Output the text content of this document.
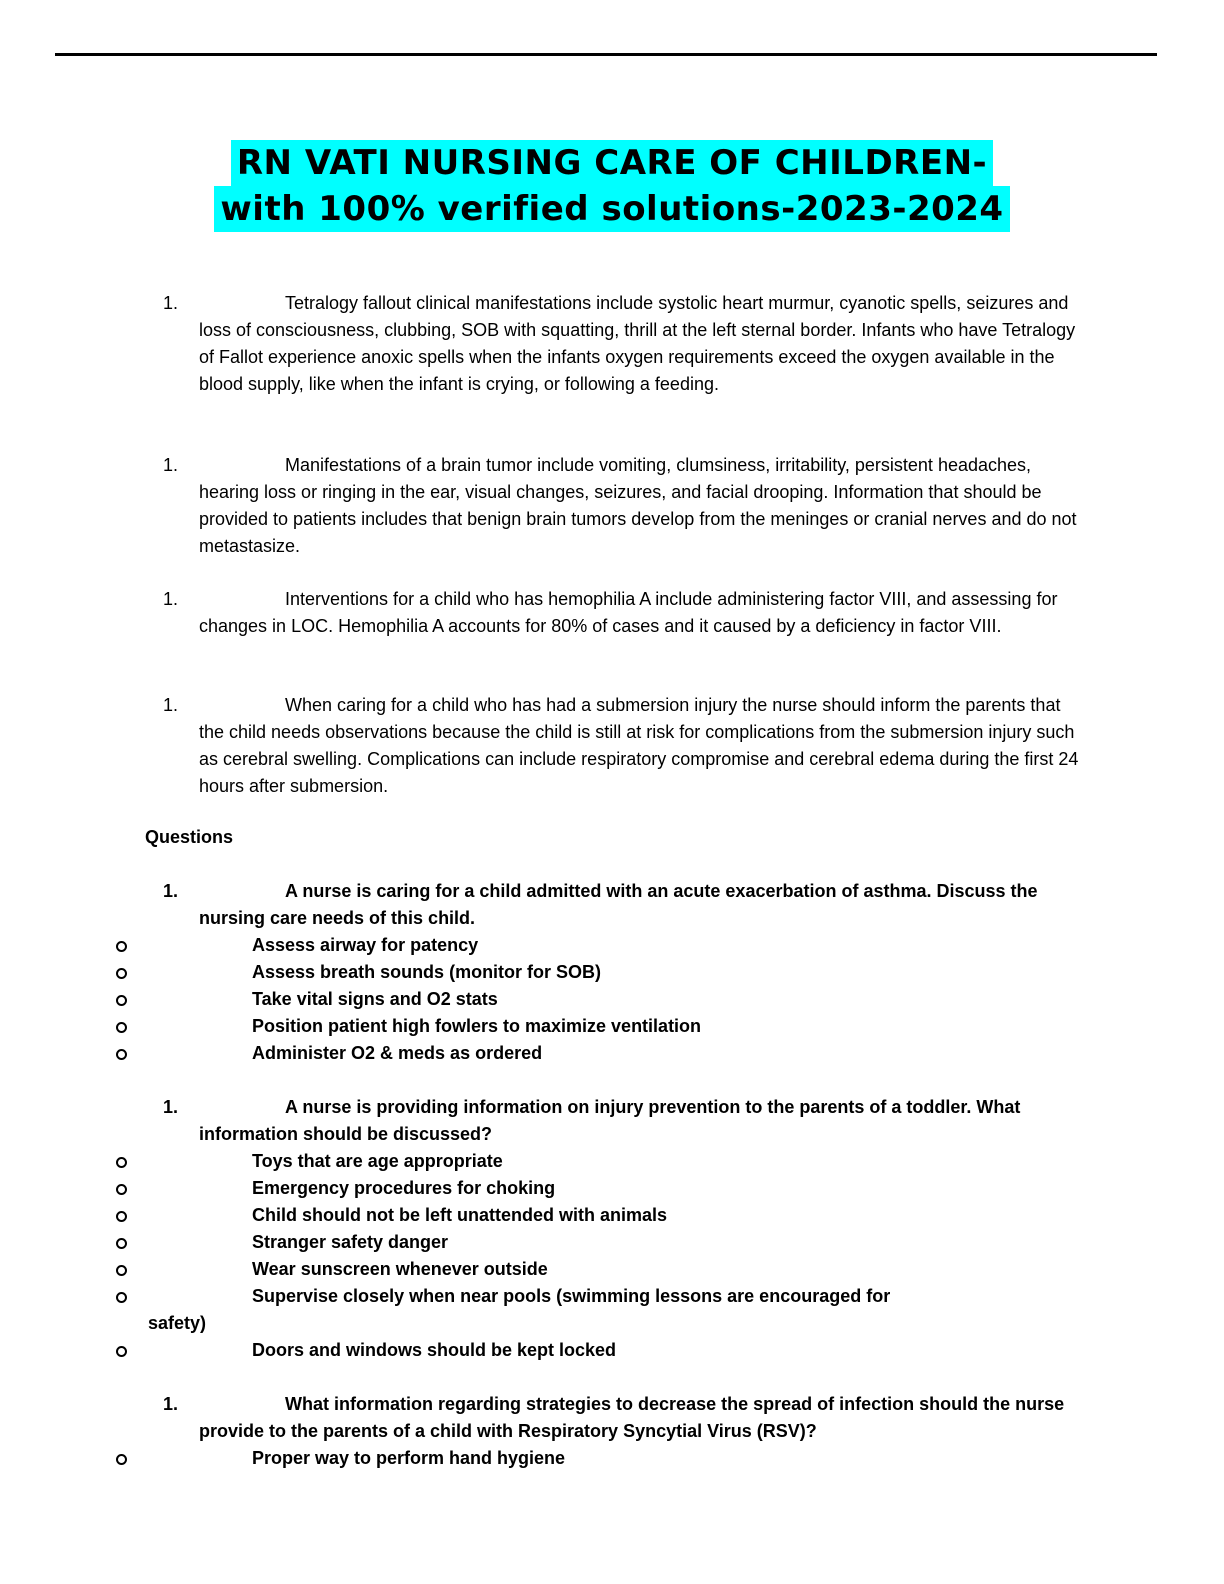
RN VATI NURSING CARE OF CHILDREN-
with 100% verified solutions-2023-2024
1.	Tetralogy fallout clinical manifestations include systolic heart murmur, cyanotic spells, seizures and loss of consciousness, clubbing, SOB with squatting, thrill at the left sternal border. Infants who have Tetralogy of Fallot experience anoxic spells when the infants oxygen requirements exceed the oxygen available in the blood supply, like when the infant is crying, or following a feeding.
1.	Manifestations of a brain tumor include vomiting, clumsiness, irritability, persistent headaches, hearing loss or ringing in the ear, visual changes, seizures, and facial drooping. Information that should be provided to patients includes that benign brain tumors develop from the meninges or cranial nerves and do not metastasize.
1.	Interventions for a child who has hemophilia A include administering factor VIII, and assessing for changes in LOC. Hemophilia A accounts for 80% of cases and it caused by a deficiency in factor VIII.
1.	When caring for a child who has had a submersion injury the nurse should inform the parents that the child needs observations because the child is still at risk for complications from the submersion injury such as cerebral swelling. Complications can include respiratory compromise and cerebral edema during the first 24 hours after submersion.
Questions
1.	A nurse is caring for a child admitted with an acute exacerbation of asthma. Discuss the nursing care needs of this child.
Assess airway for patency
Assess breath sounds (monitor for SOB)
Take vital signs and O2 stats
Position patient high fowlers to maximize ventilation
Administer O2 & meds as ordered
1.	A nurse is providing information on injury prevention to the parents of a toddler. What information should be discussed?
Toys that are age appropriate
Emergency procedures for choking
Child should not be left unattended with animals
Stranger safety danger
Wear sunscreen whenever outside
Supervise closely when near pools (swimming lessons are encouraged for
safety)
Doors and windows should be kept locked
1.	What information regarding strategies to decrease the spread of infection should the nurse provide to the parents of a child with Respiratory Syncytial Virus (RSV)?
Proper way to perform hand hygiene
